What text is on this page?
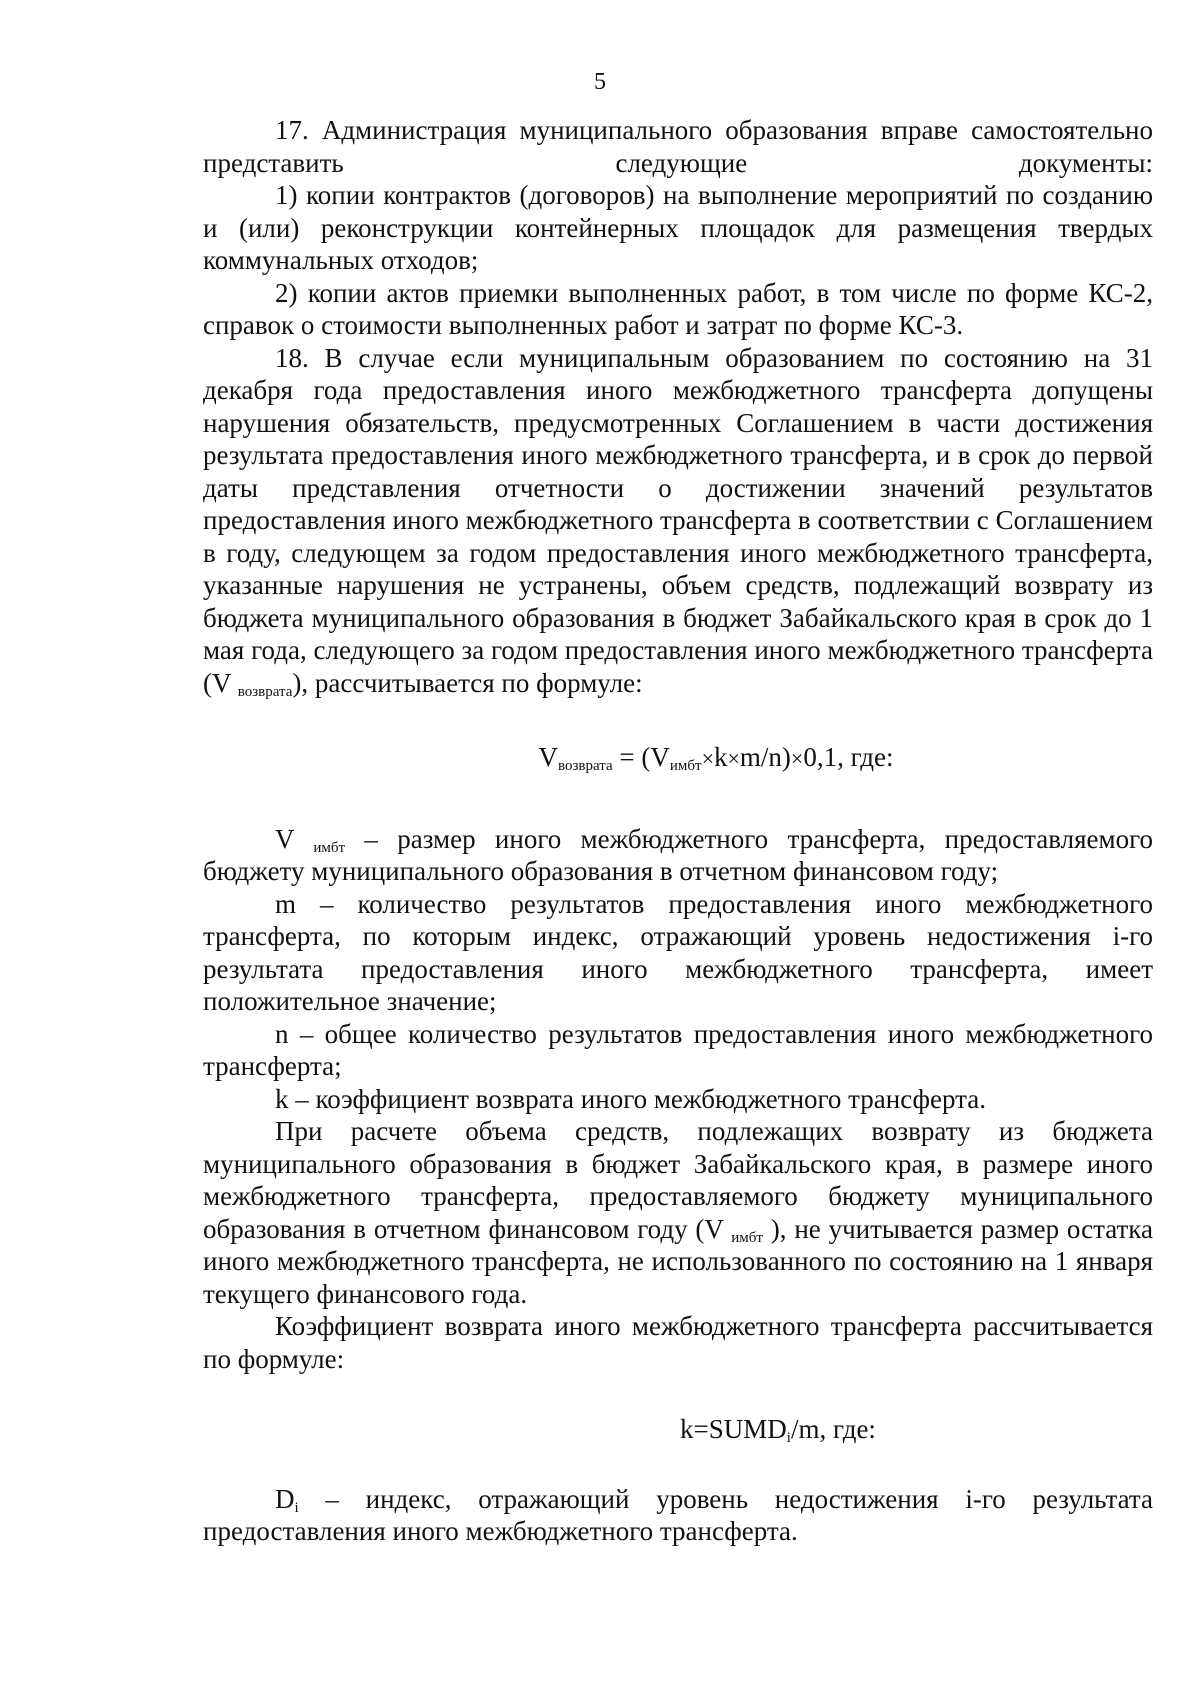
5

17. Администрация муниципального образования вправе самостоятельно представить следующие документы:

1) копии контрактов (договоров) на выполнение мероприятий по созданию и (или) реконструкции контейнерных площадок для размещения твердых коммунальных отходов;

2) копии актов приемки выполненных работ, в том числе по форме КС-2, справок о стоимости выполненных работ и затрат по форме КС-3.

18. В случае если муниципальным образованием по состоянию на 31 декабря года предоставления иного межбюджетного трансферта допущены нарушения обязательств, предусмотренных Соглашением в части достижения результата предоставления иного межбюджетного трансферта, и в срок до первой даты представления отчетности о достижении значений результатов предоставления иного межбюджетного трансферта в соответствии с Соглашением в году, следующем за годом предоставления иного межбюджетного трансферта, указанные нарушения не устранены, объем средств, подлежащий возврату из бюджета муниципального образования в бюджет Забайкальского края в срок до 1 мая года, следующего за годом предоставления иного межбюджетного трансферта (V $_{возврата}$), рассчитывается по формуле:

$V_{возврата} = (V_{имбт}\times k\times m/n)\times 0,1$, где:

V $_{имбт}$ – размер иного межбюджетного трансферта, предоставляемого бюджету муниципального образования в отчетном финансовом году;

m – количество результатов предоставления иного межбюджетного трансферта, по которым индекс, отражающий уровень недостижения i-го результата предоставления иного межбюджетного трансферта, имеет положительное значение;

n – общее количество результатов предоставления иного межбюджетного трансферта;

k – коэффициент возврата иного межбюджетного трансферта.

При расчете объема средств, подлежащих возврату из бюджета муниципального образования в бюджет Забайкальского края, в размере иного межбюджетного трансферта, предоставляемого бюджету муниципального образования в отчетном финансовом году (V $_{имбт}$ ), не учитывается размер остатка иного межбюджетного трансферта, не использованного по состоянию на 1 января текущего финансового года.

Коэффициент возврата иного межбюджетного трансферта рассчитывается по формуле:

$k=SUMD_i/m$, где:

$D_i$ – индекс, отражающий уровень недостижения i-го результата предоставления иного межбюджетного трансферта.
